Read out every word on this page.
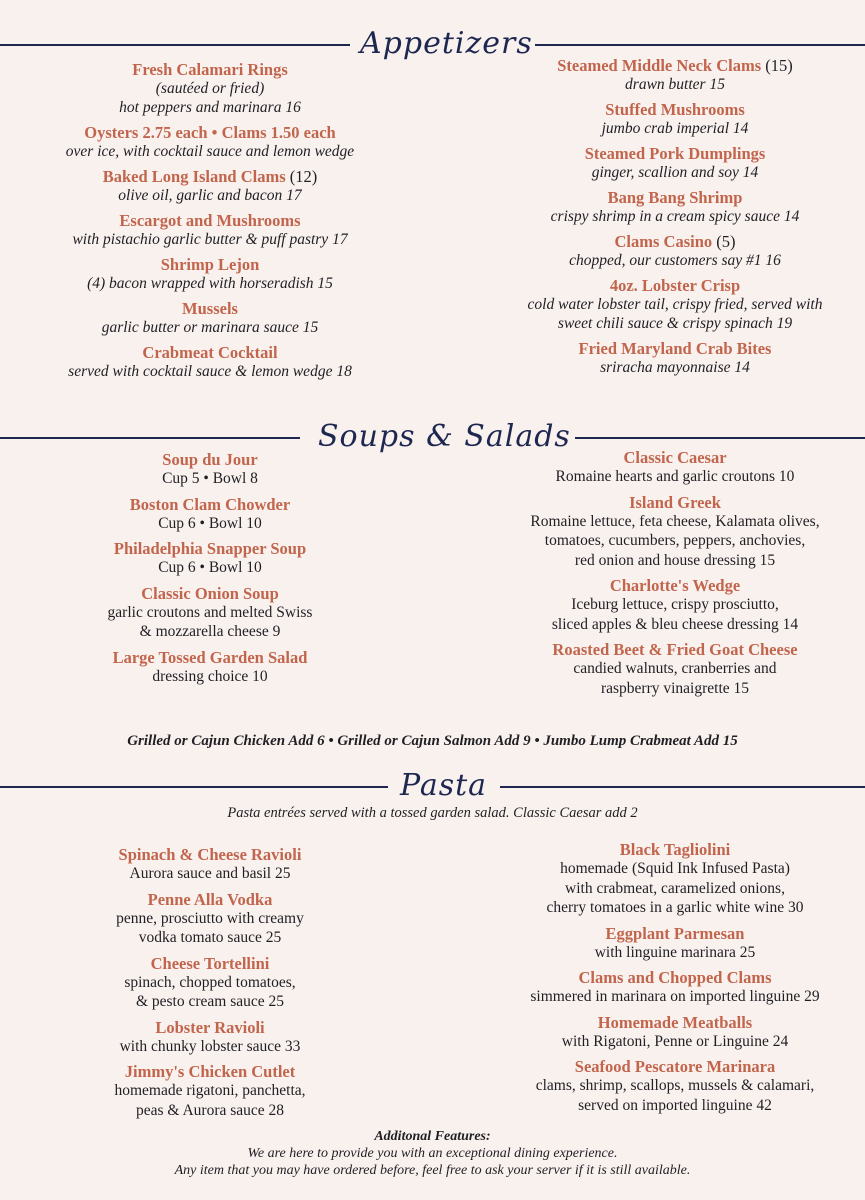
Appetizers
Fresh Calamari Rings
(sautéed or fried)
hot peppers and marinara 16
Oysters 2.75 each • Clams 1.50 each
over ice, with cocktail sauce and lemon wedge
Baked Long Island Clams (12)
olive oil, garlic and bacon 17
Escargot and Mushrooms
with pistachio garlic butter & puff pastry 17
Shrimp Lejon
(4) bacon wrapped with horseradish 15
Mussels
garlic butter or marinara sauce 15
Crabmeat Cocktail
served with cocktail sauce & lemon wedge 18
Steamed Middle Neck Clams (15)
drawn butter 15
Stuffed Mushrooms
jumbo crab imperial 14
Steamed Pork Dumplings
ginger, scallion and soy 14
Bang Bang Shrimp
crispy shrimp in a cream spicy sauce 14
Clams Casino (5)
chopped, our customers say #1 16
4oz. Lobster Crisp
cold water lobster tail, crispy fried, served with
sweet chili sauce & crispy spinach 19
Fried Maryland Crab Bites
sriracha mayonnaise 14
Soups & Salads
Soup du Jour
Cup 5 • Bowl 8
Boston Clam Chowder
Cup 6 • Bowl 10
Philadelphia Snapper Soup
Cup 6 • Bowl 10
Classic Onion Soup
garlic croutons and melted Swiss
& mozzarella cheese 9
Large Tossed Garden Salad
dressing choice 10
Classic Caesar
Romaine hearts and garlic croutons 10
Island Greek
Romaine lettuce, feta cheese, Kalamata olives,
tomatoes, cucumbers, peppers, anchovies,
red onion and house dressing 15
Charlotte's Wedge
Iceburg lettuce, crispy prosciutto,
sliced apples & bleu cheese dressing 14
Roasted Beet & Fried Goat Cheese
candied walnuts, cranberries and
raspberry vinaigrette 15
Grilled or Cajun Chicken Add 6 • Grilled or Cajun Salmon Add 9 • Jumbo Lump Crabmeat Add 15
Pasta
Pasta entrées served with a tossed garden salad. Classic Caesar add 2
Spinach & Cheese Ravioli
Aurora sauce and basil 25
Penne Alla Vodka
penne, prosciutto with creamy
vodka tomato sauce 25
Cheese Tortellini
spinach, chopped tomatoes,
& pesto cream sauce 25
Lobster Ravioli
with chunky lobster sauce 33
Jimmy's Chicken Cutlet
homemade rigatoni, panchetta,
peas & Aurora sauce 28
Black Tagliolini
homemade (Squid Ink Infused Pasta)
with crabmeat, caramelized onions,
cherry tomatoes in a garlic white wine 30
Eggplant Parmesan
with linguine marinara 25
Clams and Chopped Clams
simmered in marinara on imported linguine 29
Homemade Meatballs
with Rigatoni, Penne or Linguine 24
Seafood Pescatore Marinara
clams, shrimp, scallops, mussels & calamari,
served on imported linguine 42
Additonal Features:
We are here to provide you with an exceptional dining experience.
Any item that you may have ordered before, feel free to ask your server if it is still available.
